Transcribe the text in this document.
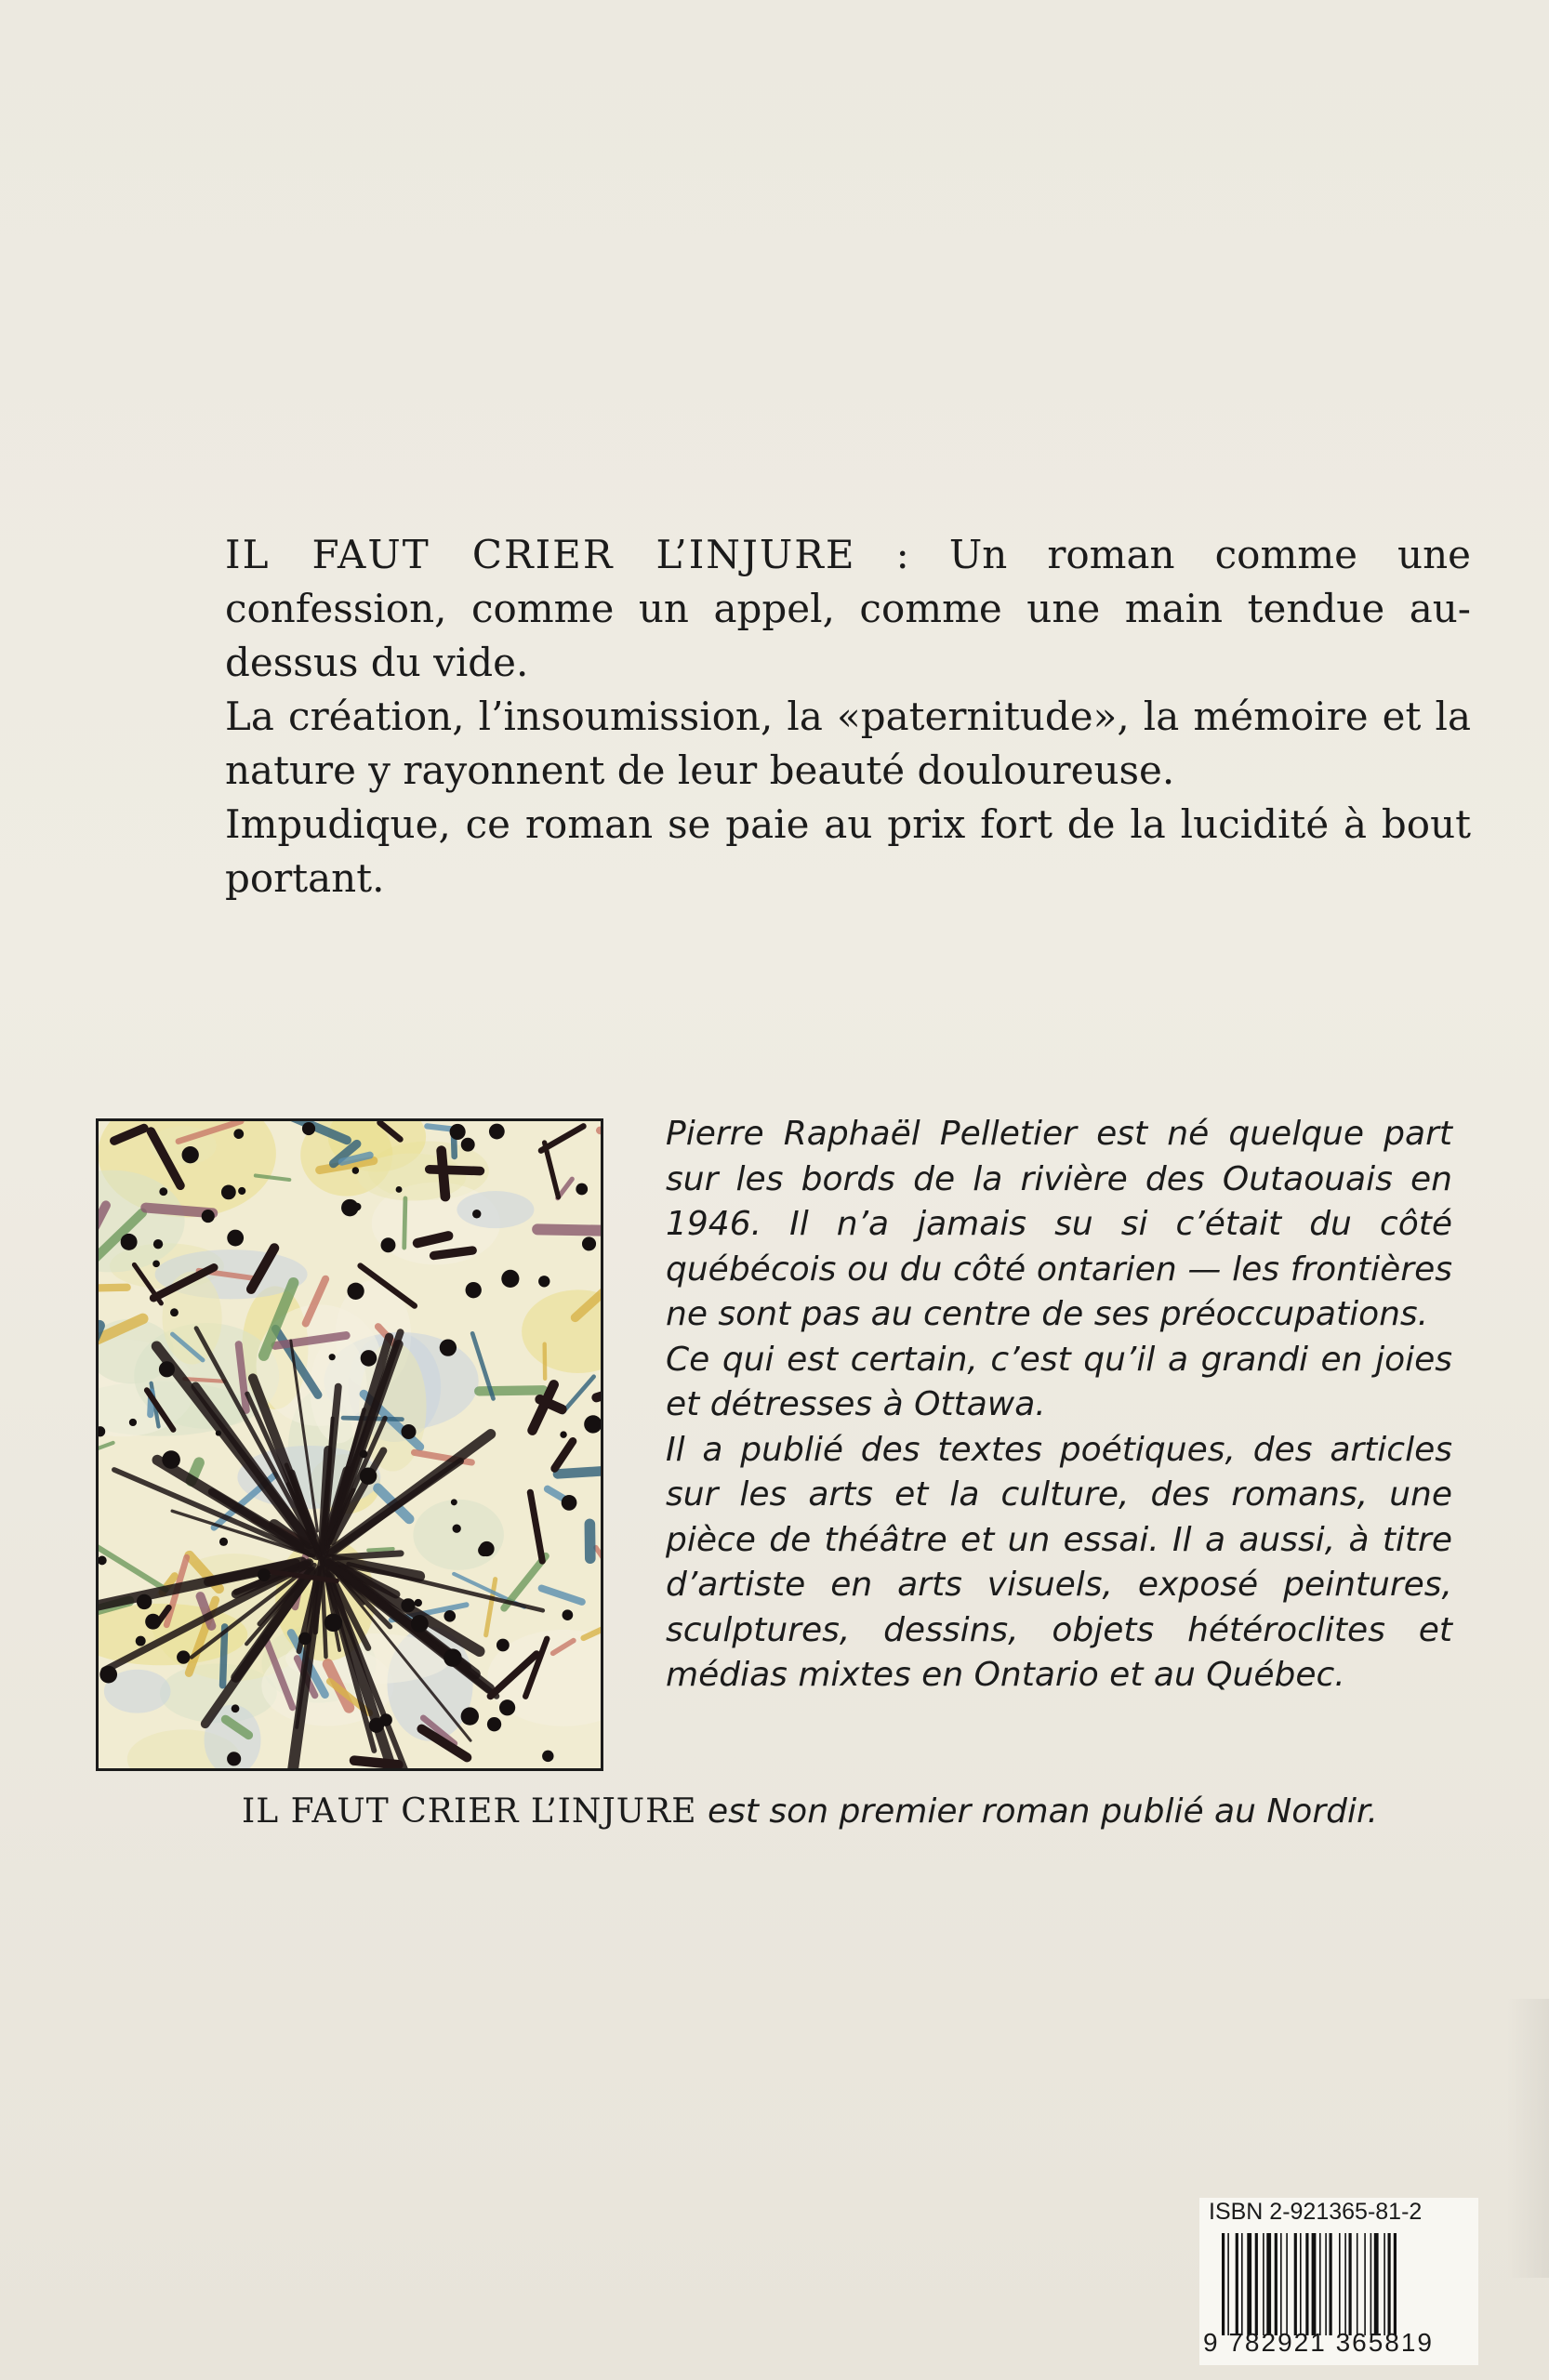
IL FAUT CRIER L’INJURE : Un roman comme une confession, comme un appel, comme une main tendue au-dessus du vide.

La création, l’insoumission, la «paternitude», la mémoire et la nature y rayonnent de leur beauté douloureuse.

Impudique, ce roman se paie au prix fort de la lucidité à bout portant.

Pierre Raphaël Pelletier est né quelque part sur les bords de la rivière des Outaouais en 1946. Il n’a jamais su si c’était du côté québécois ou du côté ontarien — les frontières ne sont pas au centre de ses préoccupations.

Ce qui est certain, c’est qu’il a grandi en joies et détresses à Ottawa.

Il a publié des textes poétiques, des articles sur les arts et la culture, des romans, une pièce de théâtre et un essai. Il a aussi, à titre d’artiste en arts visuels, exposé peintures, sculptures, dessins, objets hétéroclites et médias mixtes en Ontario et au Québec.

IL FAUT CRIER L’INJURE est son premier roman publié au Nordir.
ISBN 2-921365-81-2
9 782921 365819
